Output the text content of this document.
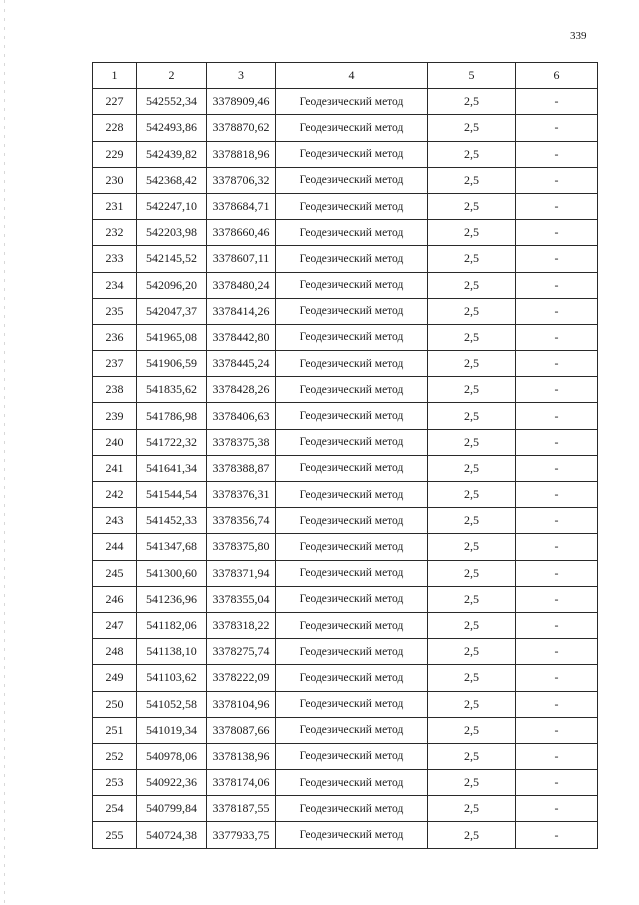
339
1	2	3	4	5	6
227	542552,34	3378909,46	Геодезический метод	2,5	-
228	542493,86	3378870,62	Геодезический метод	2,5	-
229	542439,82	3378818,96	Геодезический метод	2,5	-
230	542368,42	3378706,32	Геодезический метод	2,5	-
231	542247,10	3378684,71	Геодезический метод	2,5	-
232	542203,98	3378660,46	Геодезический метод	2,5	-
233	542145,52	3378607,11	Геодезический метод	2,5	-
234	542096,20	3378480,24	Геодезический метод	2,5	-
235	542047,37	3378414,26	Геодезический метод	2,5	-
236	541965,08	3378442,80	Геодезический метод	2,5	-
237	541906,59	3378445,24	Геодезический метод	2,5	-
238	541835,62	3378428,26	Геодезический метод	2,5	-
239	541786,98	3378406,63	Геодезический метод	2,5	-
240	541722,32	3378375,38	Геодезический метод	2,5	-
241	541641,34	3378388,87	Геодезический метод	2,5	-
242	541544,54	3378376,31	Геодезический метод	2,5	-
243	541452,33	3378356,74	Геодезический метод	2,5	-
244	541347,68	3378375,80	Геодезический метод	2,5	-
245	541300,60	3378371,94	Геодезический метод	2,5	-
246	541236,96	3378355,04	Геодезический метод	2,5	-
247	541182,06	3378318,22	Геодезический метод	2,5	-
248	541138,10	3378275,74	Геодезический метод	2,5	-
249	541103,62	3378222,09	Геодезический метод	2,5	-
250	541052,58	3378104,96	Геодезический метод	2,5	-
251	541019,34	3378087,66	Геодезический метод	2,5	-
252	540978,06	3378138,96	Геодезический метод	2,5	-
253	540922,36	3378174,06	Геодезический метод	2,5	-
254	540799,84	3378187,55	Геодезический метод	2,5	-
255	540724,38	3377933,75	Геодезический метод	2,5	-
